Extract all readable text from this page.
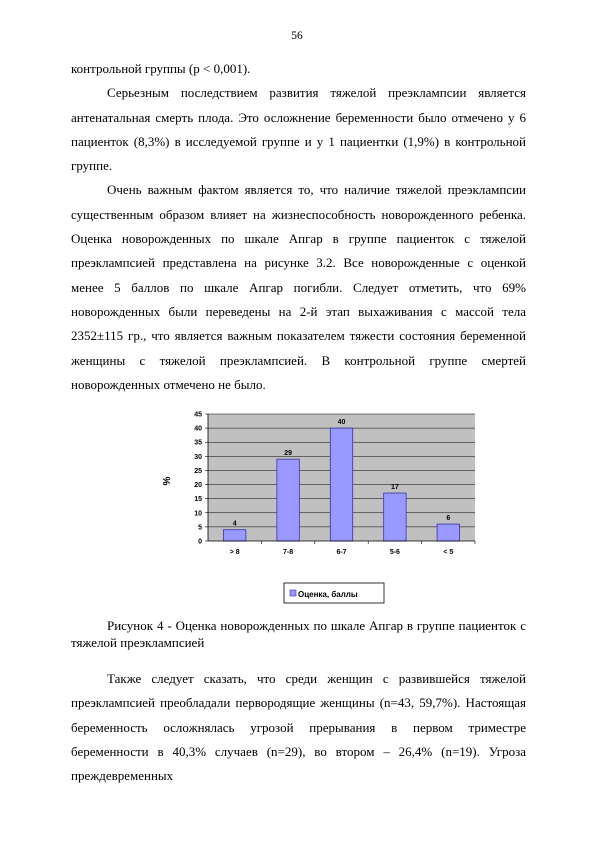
56

контрольной группы (р < 0,001).

Серьезным последствием развития тяжелой преэклампсии является антенатальная смерть плода. Это осложнение беременности было отмечено у 6 пациенток (8,3%) в исследуемой группе и у 1 пациентки (1,9%) в контрольной группе.

Очень важным фактом является то, что наличие тяжелой преэклампсии существенным образом влияет на жизнеспособность новорожденного ребенка. Оценка новорожденных по шкале Апгар в группе пациенток с тяжелой преэклампсией представлена на рисунке 3.2. Все новорожденные с оценкой менее 5 баллов по шкале Апгар погибли. Следует отметить, что 69% новорожденных были переведены на 2-й этап выхаживания с массой тела 2352±115 гр., что является важным показателем тяжести состояния беременной женщины с тяжелой преэклампсией. В контрольной группе смертей новорожденных отмечено не было.

4
29
40
17
6
0
5
10
15
20
25
30
35
40
45
> 8	7-8	6-7	5-6	< 5
%
Оценка, баллы
Рисунок 4 - Оценка новорожденных по шкале Апгар в группе пациенток с тяжелой преэклампсией

Также следует сказать, что среди женщин с развившейся тяжелой преэклампсией преобладали первородящие женщины (n=43, 59,7%). Настоящая беременность осложнялась угрозой прерывания в первом триместре беременности в 40,3% случаев (n=29), во втором – 26,4% (n=19). Угроза преждевременных
